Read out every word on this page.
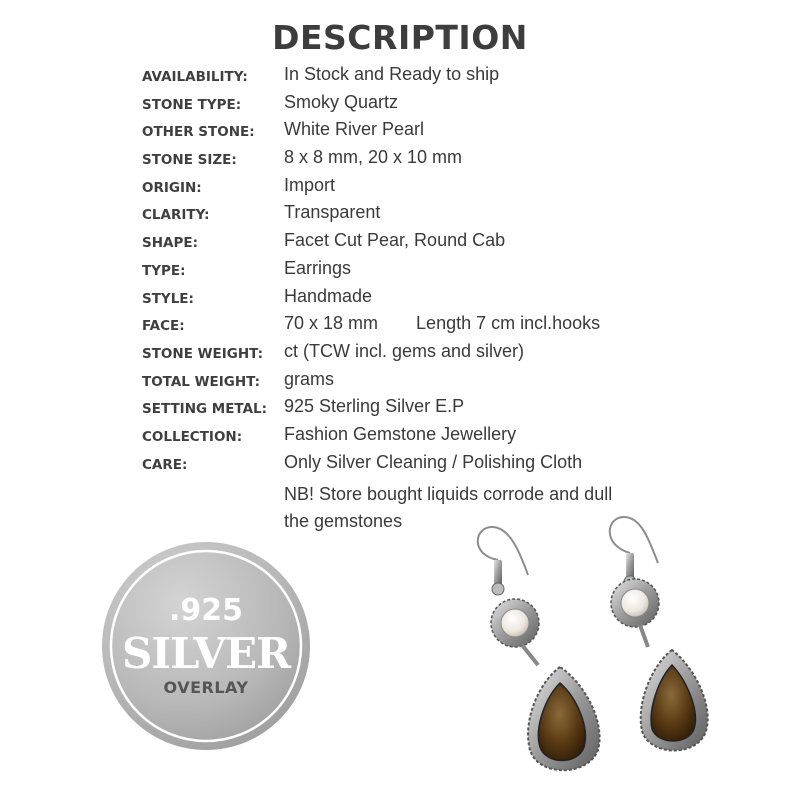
DESCRIPTION
AVAILABILITY: In Stock and Ready to ship
STONE TYPE: Smoky Quartz
OTHER STONE: White River Pearl
STONE SIZE:	8 x 8 mm, 20 x 10 mm
ORIGIN:	Import
CLARITY:	Transparent
SHAPE:	Facet Cut Pear, Round Cab
TYPE:	Earrings
STYLE:	Handmade
FACE:	70 x 18 mm Length 7 cm incl.hooks
STONE WEIGHT: ct (TCW incl. gems and silver)
TOTAL WEIGHT: grams
SETTING METAL: 925 Sterling Silver E.P
COLLECTION: Fashion Gemstone Jewellery
CARE:	Only Silver Cleaning / Polishing Cloth
NB! Store bought liquids corrode and dull
the gemstones
.925
SILVER
OVERLAY
